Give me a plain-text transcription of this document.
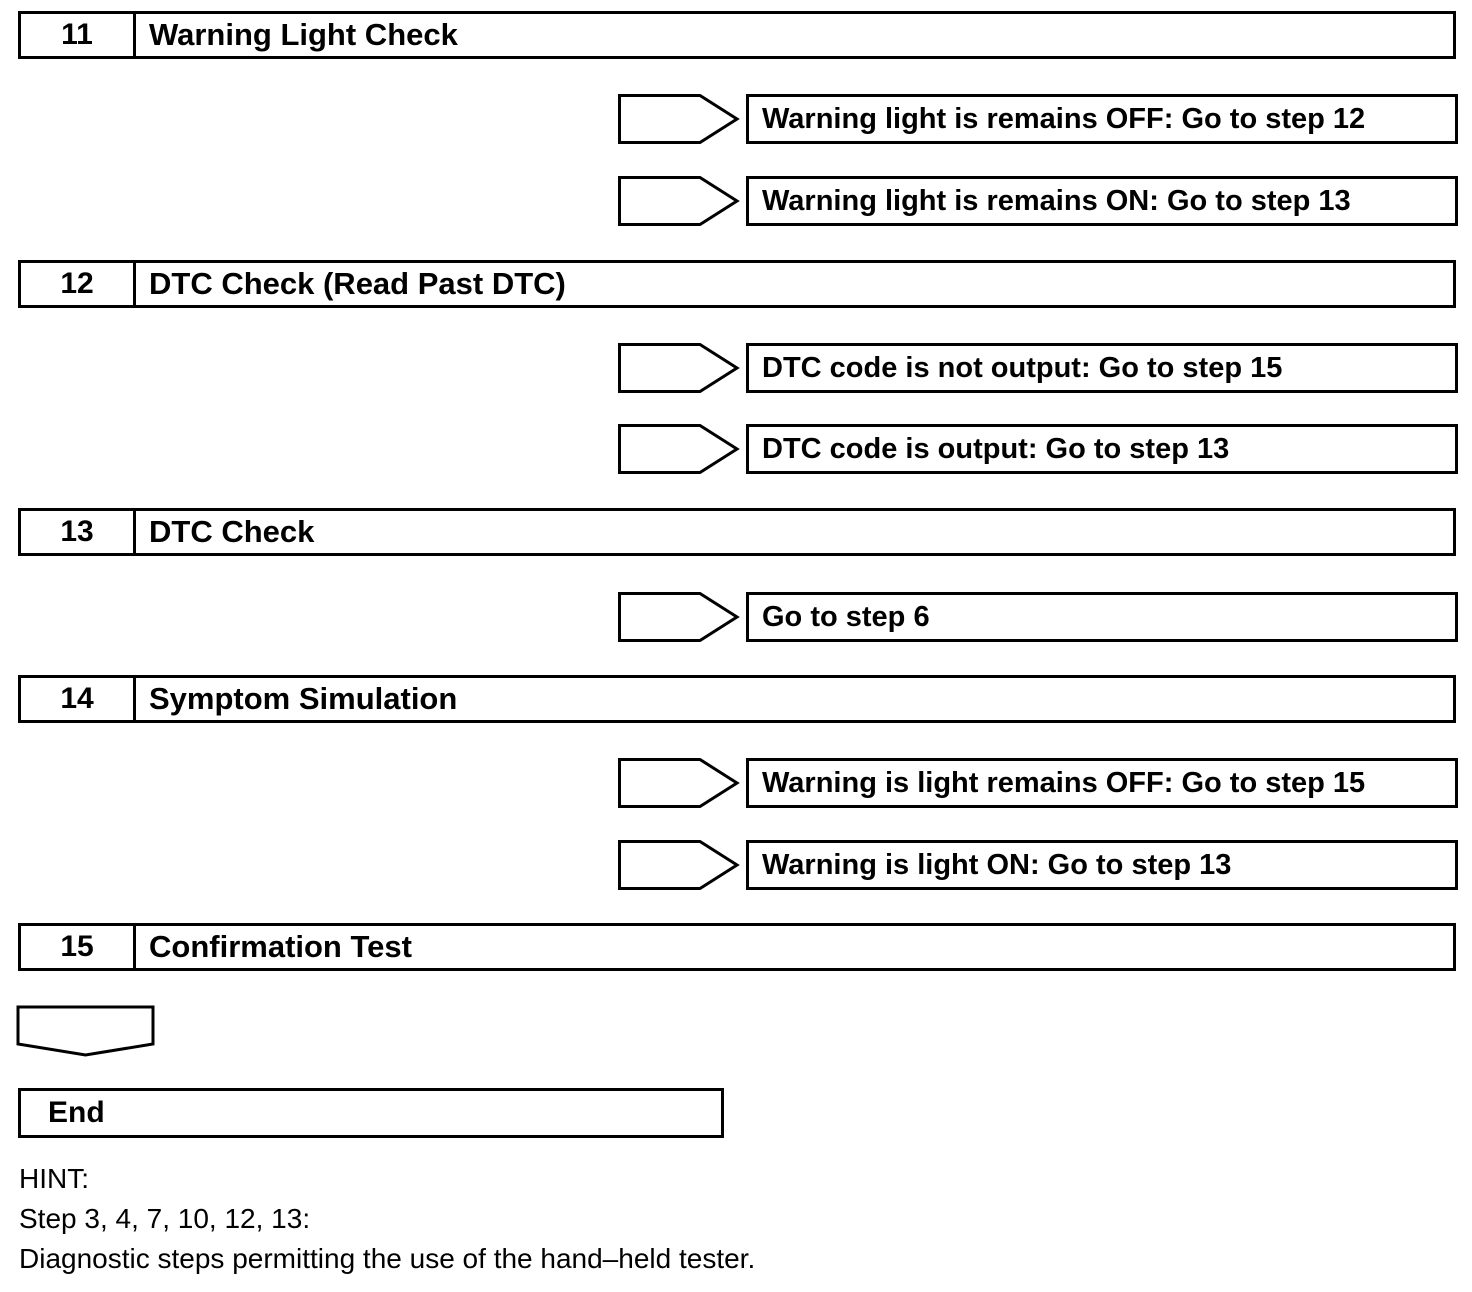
11	Warning Light Check
Warning light is remains OFF: Go to step 12
Warning light is remains ON: Go to step 13
12	DTC Check (Read Past DTC)
DTC code is not output: Go to step 15
DTC code is output: Go to step 13
13	DTC Check
Go to step 6
14	Symptom Simulation
Warning is light remains OFF: Go to step 15
Warning is light ON: Go to step 13
15	Confirmation Test
End
HINT:
Step 3, 4, 7, 10, 12, 13:
Diagnostic steps permitting the use of the hand–held tester.
